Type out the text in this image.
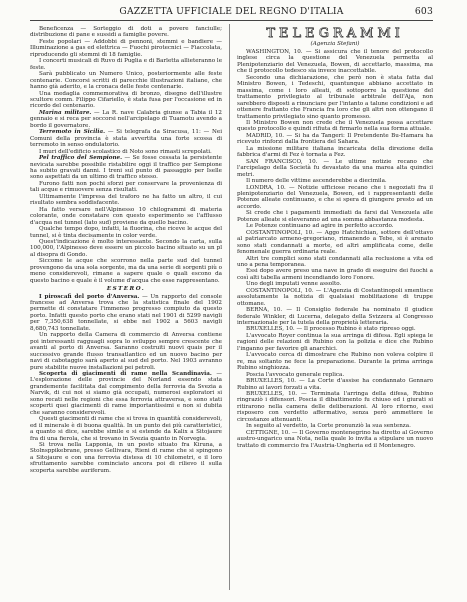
GAZZETTA UFFICIALE DEL REGNO D'ITALIA	603

Beneficenza — Sorteggio di doti a povere fanciulle; distribuzione di pane e sussidi a famiglie povere.

Feste popolari — Addobbi di pennoni, stemmi e bandiere — Illuminazione a gas ed elettrica — Fuochi pirotecnici — Fiaccolata, riproducendo gli stemmi di 18 famiglie.

I concerti musicali di Ruvo di Puglia e di Barletta allieteranno le feste.

Sarà pubblicato un Numero Unico, posteriormente alle feste centenarie. Concorsi scritti di parecchie illustrazioni italiane, che hanno già aderito, e la cronaca delle feste centenarie.

Una medaglia commemorativa di bronzo, disegno dell'illustre scultore comm. Filippo Cifariello, è stata fusa per l'occasione ed in ricordo del centenario.

Marina militare. — La R. nave Calabria giunse a Tabia il 12 gennaio e si reca per soccorsi nell'arcipelago di Tuamotu avendo a bordo il governatore.

Terremoto in Sicilia. — Si telegrafa da Siracusa, 11: — Nei Comuni della provincia è stata avvertita una forte scossa di terremoto in senso ondulatorio.

I muri dell'edificio scolastico di Noto sono rimasti screpolati.

Pel traffico del Sempione. — Se fosse cessata la persistente nevicata sarebbe possibile ristabilire oggi il traffico per Sempione ha subito gravati danni. I treni sul punto di passaggio per Iselle sono aspettati da un ultimo di traffico stesso.

Furono fatti non pochi sforzi per conservare la provenienza di tali acque e rimuovere senza risultati.

Ultimamente l'impresa del traforo ne ha fatto un altro, il cui risultato sembra soddisfacente.

Ha fatto versare nell'Alpinesso 10 chilogrammi di materia colorante, onde constatare con questo esperimento se l'afflusso d'acqua nel tunnel (lato sud) proviene da quello bacino.

Qualche tempo dopo, infatti, la fluorina, che riceve le acque del tunnel, si è tinta decisamente in color verde.

Quest'indicazione è molto interessante. Secondo la carta, sulla 100,000, l'Alpinesso deve essere un piccolo bacino situato su un pl al disopra di Gondo.

Siccome le acque che scorrono nella parte sud del tunnel provengono da una sola sorgente, ma da una serie di sorgenti più o meno considerevoli, rimane a sapere quale o quali escono da questo bacino e quale è il volume d'acqua che esse rappresentano.

ESTERO.

I piroscafi del porto d'Anversa. — Un rapporto del console francese ad Anversa trova che la statistica finale del 1902 permette di constatare l'immenso progresso compiuto da questo porto. Infatti questo porto che erano stati nel 1901 di 5299 navigli per 7,350,638 tonnellate, si ebbe nel 1902 a 5603 navigli 8,680,743 tonnellate.

Un rapporto della Camera di commercio di Anversa contiene poi interessanti ragguagli sopra lo sviluppo sempre crescente che avanti al porto di Anversa. Saranno costruiti nuovi quais per il successivo grande flusso transatlantico ed un nuovo bacino per navi di cabotaggio sarà aperto al sud del porto. Nel 1903 avranno pure stabilite nuove installazioni pei petroli.

Scoperta di giacimenti di rame nella Scandinavia. — L'esplorazione delle provincie del Norland essendo stata grandemente facilitata dal compimento della ferrovia da Svezia a Narvik, di cui noi si siamo già occupati, numerosi esploratori si sono recati nelle regioni che essa ferrovia attraversa, e sono stati scoperti quei giacimenti di rame importantissimi e non si dubita che saranno considerevoli.

Questi giacimenti di rame che si trova in quantità considerevoli, ed il minerale è di buona qualità. In un punto dei più caratteristici, a quanto si dice, sarebbe simile e si estende da Kalix a Sitojaure fra di una fierola, che si trovano in Svezia quanto in Norvegia.

Si trova nella Lapponia, in un posto situato fra Kiruna, a Stolnsppikebrane, presso Gellivara, Rieni di rame che si spingono a Sitojaure e con una ferrovia distesa di 10 chilometri, e il loro sfruttamento sarebbe cominciato ancora poi di rilievo il sulla scoperta sarebbe auriferum.

TELEGRAMMI
(Agenzia Stefani)

WASHINGTON, 10. — Si assicura che il tenore del protocollo inglese circa la questione del Venezuela permetta al Plenipotenziario del Venezuela, Bowen, di accettarlo, massima, ma che il protocollo tedesco sia invece inaccettabile.

Secondo una dichiarazione, che però non è stata fatta dal Ministro Bowen, i Tedeschi, quantunque abbiano accettato in massima, come i loro alleati, di sottoporre la questione del trattamento privilegiato al tribunale arbitrale dell'Aja, non sarebbero disposti a rinunciare per l'intanto a talune condizioni e ad ottenere frattanto che Francia fra loro che gli altri non ottengano il trattamento privilegiato sino quanto promesso.

Il Ministro Bowen non crede che il Venezuela possa accettare questo protocollo e quindi rifiuta di firmarlo nella sua forma attuale.

MADRID, 10. — Si ha da Tangeri: Il Pretendente Bu-Hamara ha ricevuto rinforzi dalla frontiera del Sahara.

La missione militare italiana incaricata della direzione della fabbrica d'armi di Fez è tornata a Fez.

SAN FRANCISCO, 10. — Le ultime notizie recano che l'arcipelago della Società fu devastato da una marea alta quindici metri.

Il numero delle vittime ascenderebbe a diecimila.

LONDRA, 10. — Notizie ufficiose recano che i negoziati fra il plenipotenziario del Venezuela, Bowen, ed i rappresentanti delle Potenze alleate continuano, e che si spera di giungere presto ad un accordo.

Si crede che i pagamenti immediati da farsi dal Venezuela alle Potenze alleate si eleveranno ad una somma abbastanza modesta.

Le Potenze continuano ad agire in perfetto accordo.

COSTANTINOPOLI, 10. — Aggo Hatchichian, sottore dell'ottavo al patriarcato armeno-gregoriano, rimanendo a Tebe, si è arenato sono stati condannati a morte, ed altri amplificata come, delle fenomenale guerra ordinaria reale.

Altri tre complici sono stati condannati alla reclusione a vita ed uno a pena temporanea.

Essi dopo avere preso una nave in grado di eseguire dei fuochi a così alti tabella armeni incendiando loro l'onore.

Uno degli imputati venne assolto.

COSTANTINOPOLI, 10. — L'Agenzia di Costantinopoli smentisce assolutamente la notizia di qualsiasi mobilitazione di truppe ottomane.

BERNA, 10. — Il Consiglio federale ha nominato il giudice federale Winkler, di Lucerna, delegato della Svizzera al Congresso internazionale per la tutela della proprietà letteraria.

BRUXELLES, 10. — Il processo Rubino è stato ripreso oggi.

L'avvocato Royer continua la sua arringa di difesa. Egli spiega le ragioni delle relazioni di Rubino con la polizia e dice che Rubino l'inganno per favorire gli anarchici.

L'avvocato cerca di dimostrare che Rubino non voleva colpire il re, ma soltanto ne fece la preparazione. Durante la prima arringa Rubino singhiozza.

Poscia l'avvocato generale replica.

BRUXELLES, 10. — La Corte d'assise ha condannato Gennaro Rubino ai lavori forzati a vita.

BRUXELLES, 10. — Terminata l'arringa della difesa, Rubino ringraziò i difensori. Poscia il dibattimento fu chiuso ed i giurati si ritirarono nella camera delle deliberazioni. Al loro ritorno, essi risposero con verdetto affermativo, senza però ammettere le circostanze attenuanti.

In seguito al verdetto, la Corte pronunziò la sua sentenza.

CETTIGNE, 10. — Il Governo montenegrino ha diretto al Governo austro-ungarico una Nota, nella quale lo invita a stipulare un nuovo trattato di commercio fra l'Austria-Ungheria ed il Montenegro.
